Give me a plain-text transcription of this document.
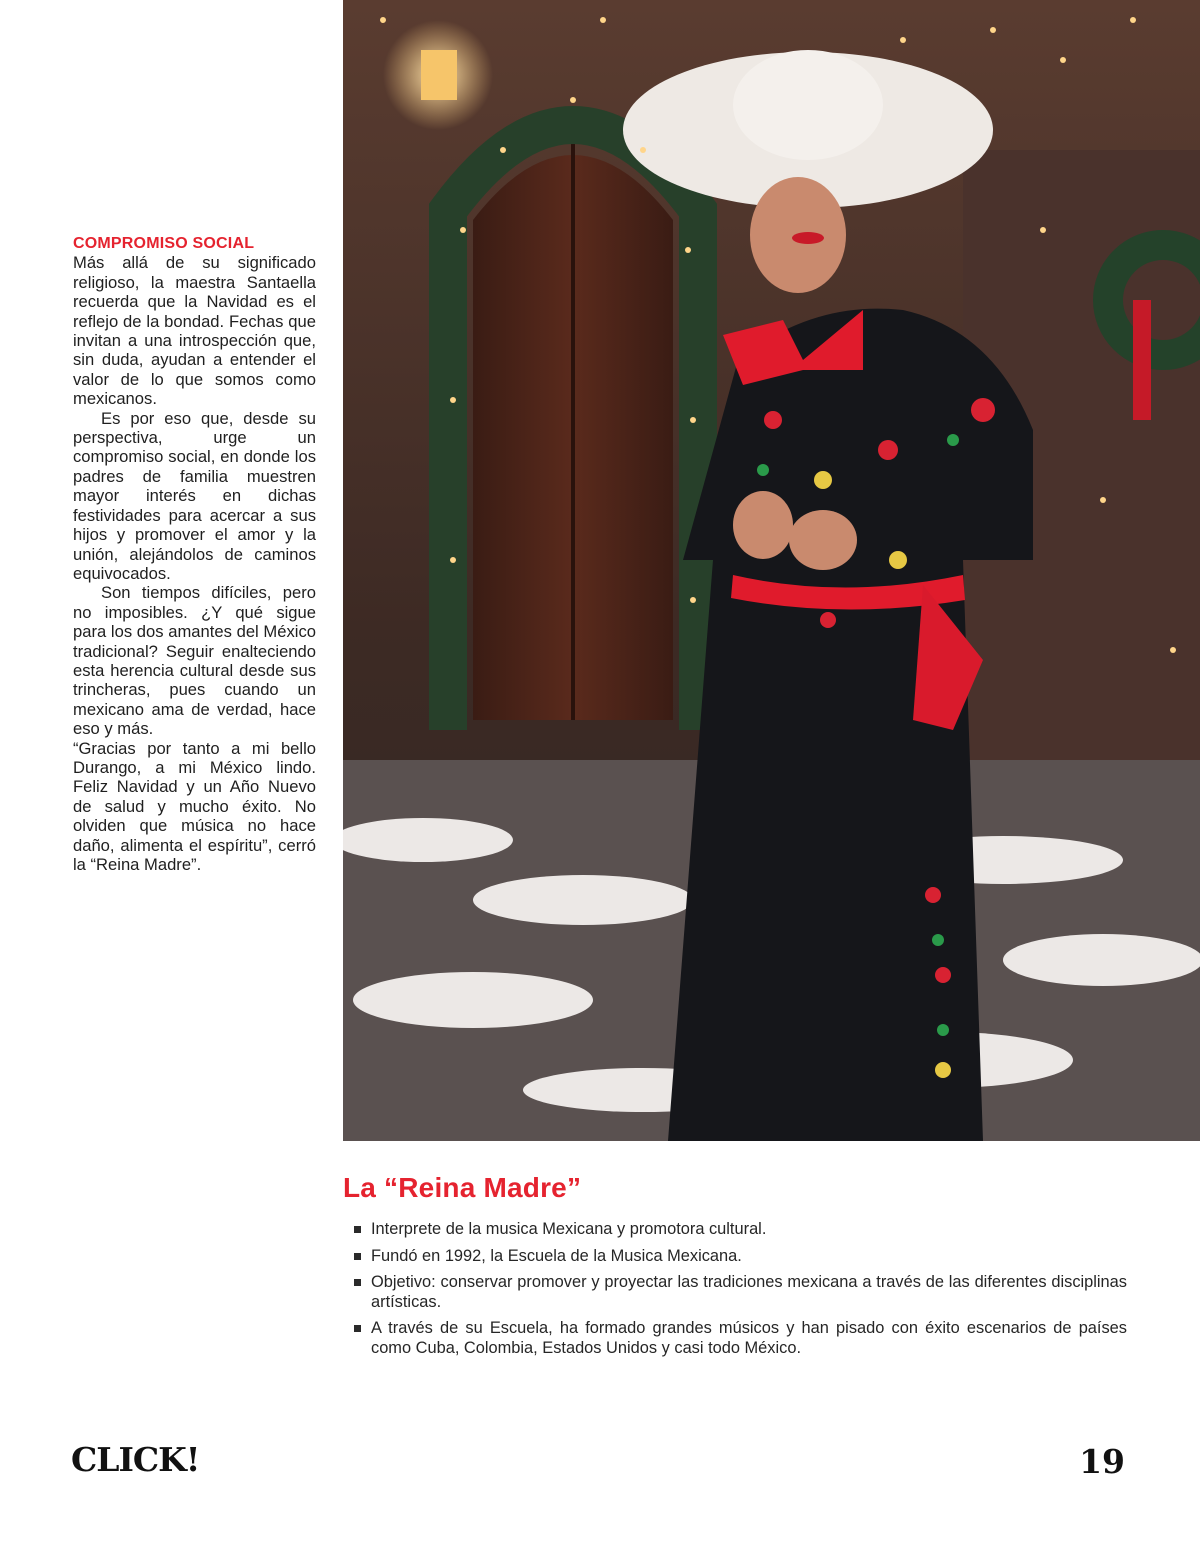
COMPROMISO SOCIAL

Más allá de su significado religioso, la maestra Santaella recuerda que la Navidad es el reflejo de la bondad. Fechas que invitan a una introspección que, sin duda, ayudan a entender el valor de lo que somos como mexicanos.

Es por eso que, desde su perspectiva, urge un compromiso social, en donde los padres de familia muestren mayor interés en dichas festividades para acercar a sus hijos y promover el amor y la unión, alejándolos de caminos equivocados.

Son tiempos difíciles, pero no imposibles. ¿Y qué sigue para los dos amantes del México tradicional? Seguir enalteciendo esta herencia cultural desde sus trincheras, pues cuando un mexicano ama de verdad, hace eso y más.

“Gracias por tanto a mi bello Durango, a mi México lindo. Feliz Navidad y un Año Nuevo de salud y mucho éxito. No olviden que música no hace daño, alimenta el espíritu”, cerró la “Reina Madre”.

La “Reina Madre”
Interprete de la musica Mexicana y promotora cultural.
Fundó en 1992, la Escuela de la Musica Mexicana.
Objetivo: conservar promover y proyectar las tradiciones mexicana a través de las diferentes disciplinas artísticas.
A través de su Escuela, ha formado grandes músicos y han pisado con éxito escenarios de países como Cuba, Colombia, Estados Unidos y casi todo México.
CLICK!	19
